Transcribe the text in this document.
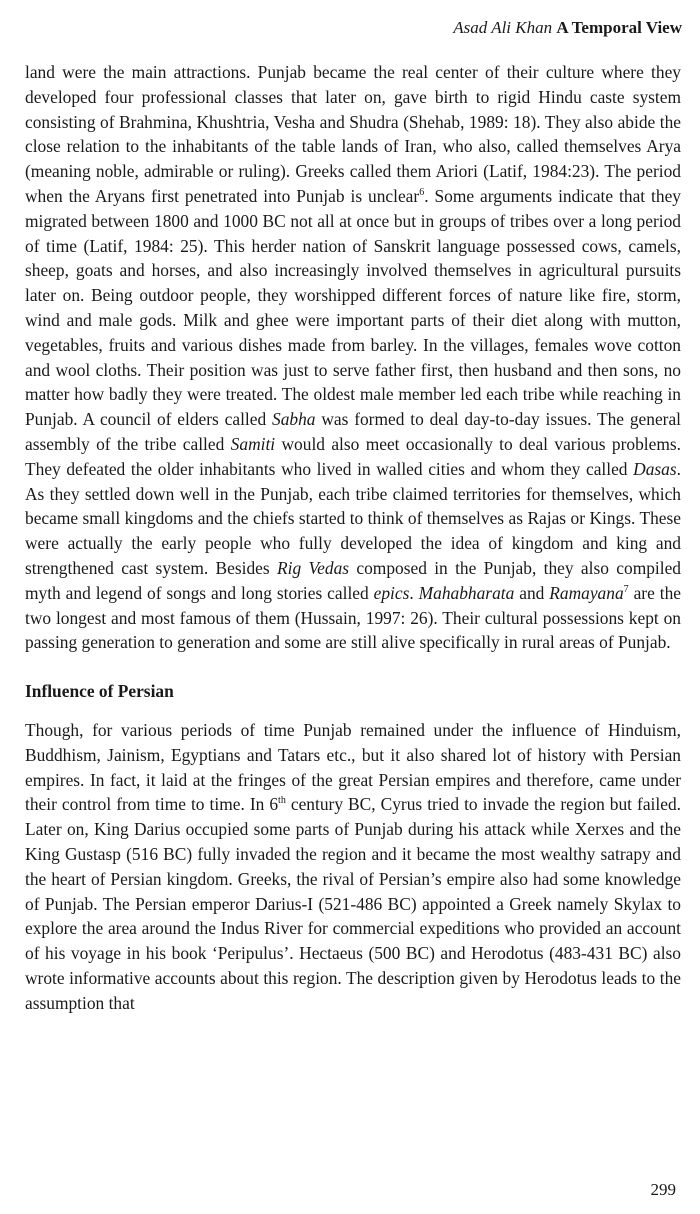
Asad Ali Khan A Temporal View

land were the main attractions. Punjab became the real center of their culture where they developed four professional classes that later on, gave birth to rigid Hindu caste system consisting of Brahmina, Khushtria, Vesha and Shudra (Shehab, 1989: 18). They also abide the close relation to the inhabitants of the table lands of Iran, who also, called themselves Arya (meaning noble, admirable or ruling). Greeks called them Ariori (Latif, 1984:23). The period when the Aryans first penetrated into Punjab is unclear$^6$. Some arguments indicate that they migrated between 1800 and 1000 BC not all at once but in groups of tribes over a long period of time (Latif, 1984: 25). This herder nation of Sanskrit language possessed cows, camels, sheep, goats and horses, and also increasingly involved themselves in agricultural pursuits later on. Being outdoor people, they worshipped different forces of nature like fire, storm, wind and male gods. Milk and ghee were important parts of their diet along with mutton, vegetables, fruits and various dishes made from barley. In the villages, females wove cotton and wool cloths. Their position was just to serve father first, then husband and then sons, no matter how badly they were treated. The oldest male member led each tribe while reaching in Punjab. A council of elders called Sabha was formed to deal day-to-day issues. The general assembly of the tribe called Samiti would also meet occasionally to deal various problems. They defeated the older inhabitants who lived in walled cities and whom they called Dasas. As they settled down well in the Punjab, each tribe claimed territories for themselves, which became small kingdoms and the chiefs started to think of themselves as Rajas or Kings. These were actually the early people who fully developed the idea of kingdom and king and strengthened cast system. Besides Rig Vedas composed in the Punjab, they also compiled myth and legend of songs and long stories called epics. Mahabharata and Ramayana$^7$ are the two longest and most famous of them (Hussain, 1997: 26). Their cultural possessions kept on passing generation to generation and some are still alive specifically in rural areas of Punjab.

Influence of Persian

Though, for various periods of time Punjab remained under the influence of Hinduism, Buddhism, Jainism, Egyptians and Tatars etc., but it also shared lot of history with Persian empires. In fact, it laid at the fringes of the great Persian empires and therefore, came under their control from time to time. In 6th century BC, Cyrus tried to invade the region but failed. Later on, King Darius occupied some parts of Punjab during his attack while Xerxes and the King Gustasp (516 BC) fully invaded the region and it became the most wealthy satrapy and the heart of Persian kingdom. Greeks, the rival of Persian’s empire also had some knowledge of Punjab. The Persian emperor Darius-I (521-486 BC) appointed a Greek namely Skylax to explore the area around the Indus River for commercial expeditions who provided an account of his voyage in his book ‘Peripulus’. Hectaeus (500 BC) and Herodotus (483-431 BC) also wrote informative accounts about this region. The description given by Herodotus leads to the assumption that

299
